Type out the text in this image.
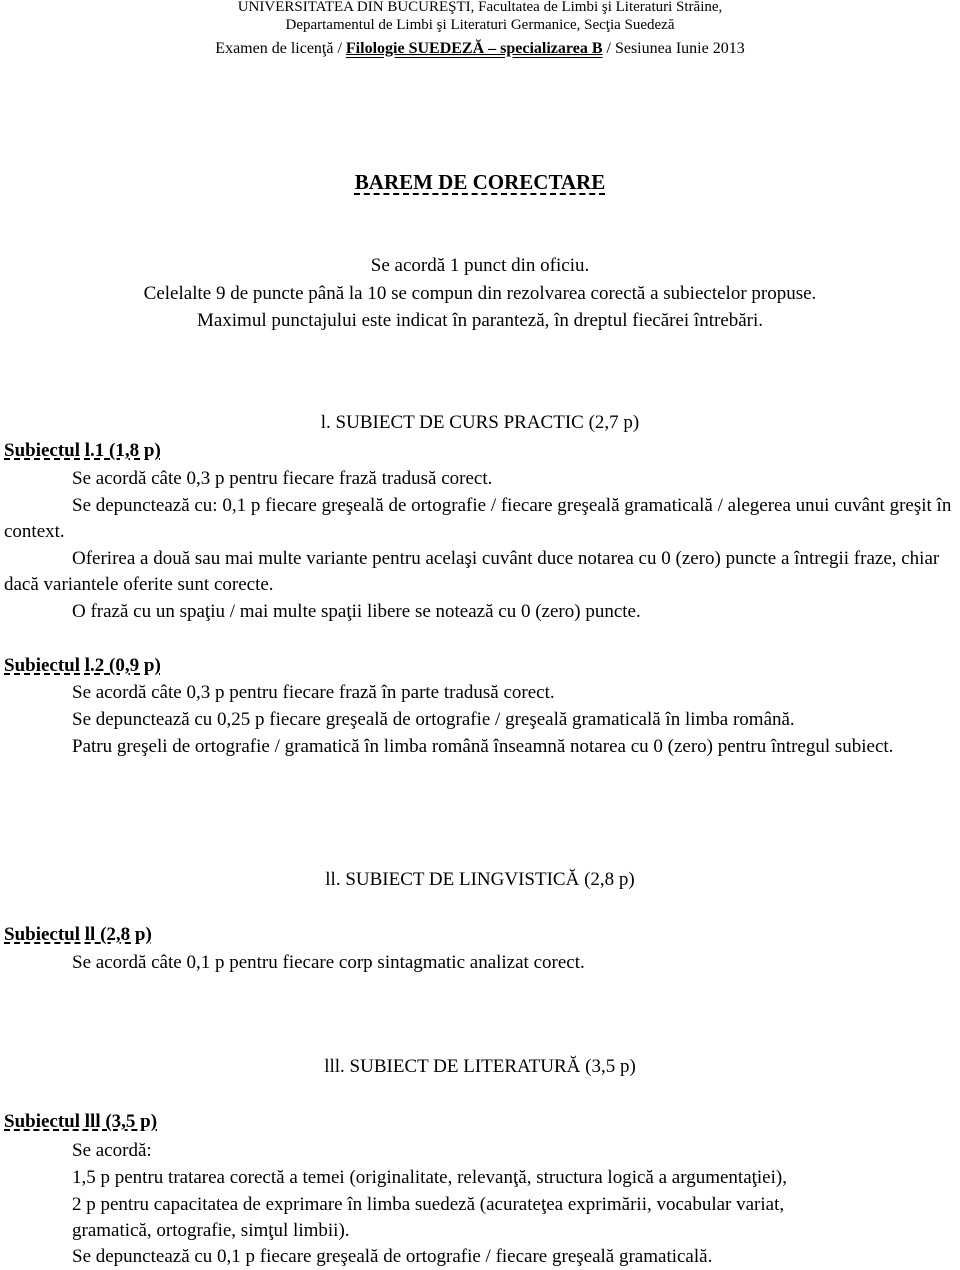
UNIVERSITATEA DIN BUCUREŞTI, Facultatea de Limbi şi Literaturi Străine,
Departamentul de Limbi şi Literaturi Germanice, Secţia Suedeză
Examen de licenţă / Filologie SUEDEZĂ – specializarea B / Sesiunea Iunie 2013
BAREM DE CORECTARE
Se acordă 1 punct din oficiu.
Celelalte 9 de puncte până la 10 se compun din rezolvarea corectă a subiectelor propuse.
Maximul punctajului este indicat în paranteză, în dreptul fiecărei întrebări.
l. SUBIECT DE CURS PRACTIC (2,7 p)
Subiectul l.1 (1,8 p)
Se acordă câte 0,3 p pentru fiecare frază tradusă corect.
Se depunctează cu: 0,1 p fiecare greşeală de ortografie / fiecare greşeală gramaticală / alegerea unui cuvânt greşit în context.
Oferirea a două sau mai multe variante pentru acelaşi cuvânt duce notarea cu 0 (zero) puncte a întregii fraze, chiar dacă variantele oferite sunt corecte.
O frază cu un spaţiu / mai multe spaţii libere se notează cu 0 (zero) puncte.
Subiectul l.2 (0,9 p)
Se acordă câte 0,3 p pentru fiecare frază în parte tradusă corect.
Se depunctează cu 0,25 p fiecare greşeală de ortografie / greşeală gramaticală în limba română.
Patru greşeli de ortografie / gramatică în limba română înseamnă notarea cu 0 (zero) pentru întregul subiect.
ll. SUBIECT DE LINGVISTICĂ (2,8 p)
Subiectul ll (2,8 p)
Se acordă câte 0,1 p pentru fiecare corp sintagmatic analizat corect.
lll. SUBIECT DE LITERATURĂ (3,5 p)
Subiectul lll (3,5 p)
Se acordă:
1,5 p pentru tratarea corectă a temei (originalitate, relevanţă, structura logică a argumentaţiei),
2 p pentru capacitatea de exprimare în limba suedeză (acurateţea exprimării, vocabular variat,
gramatică, ortografie, simţul limbii).
Se depunctează cu 0,1 p fiecare greşeală de ortografie / fiecare greşeală gramaticală.
